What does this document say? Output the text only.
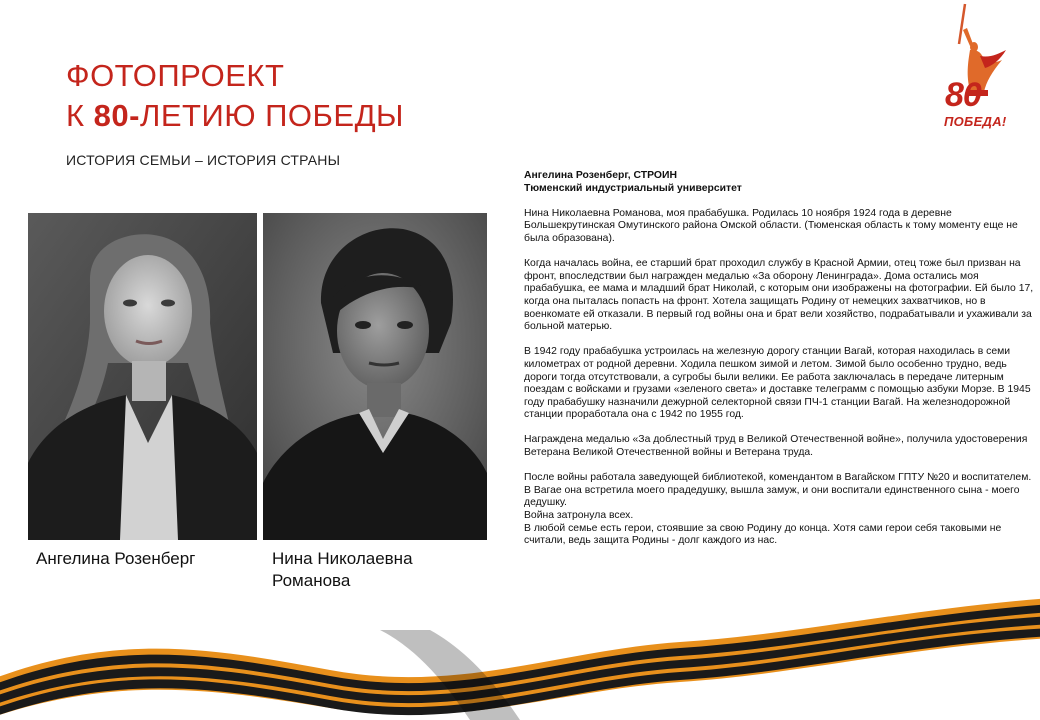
ФОТОПРОЕКТ
К 80-ЛЕТИЮ ПОБЕДЫ
ИСТОРИЯ СЕМЬИ – ИСТОРИЯ СТРАНЫ
80
ПОБЕДА!
Ангелина Розенберг	Нина Николаевна
Романова
Ангелина Розенберг, СТРОИН

Тюменский индустриальный университет

Нина Николаевна Романова, моя прабабушка. Родилась 10 ноября 1924 года в деревне Большекрутинская Омутинского района Омской области. (Тюменская область к тому моменту еще не была образована).

Когда началась война, ее старший брат проходил службу в Красной Армии, отец тоже был призван на фронт, впоследствии был награжден медалью «За оборону Ленинграда». Дома остались моя прабабушка, ее мама и младший брат Николай, с которым они изображены на фотографии. Ей было 17, когда она пыталась попасть на фронт. Хотела защищать Родину от немецких захватчиков, но в военкомате ей отказали. В первый год войны она и брат вели хозяйство, подрабатывали и ухаживали за больной матерью.

В 1942 году прабабушка устроилась на железную дорогу станции Вагай, которая находилась в семи километрах от родной деревни. Ходила пешком зимой и летом. Зимой было особенно трудно, ведь дороги тогда отсутствовали, а сугробы были велики. Ее работа заключалась в передаче литерным поездам с войсками и грузами «зеленого света» и доставке телеграмм с помощью азбуки Морзе. В 1945 году прабабушку назначили дежурной селекторной связи ПЧ-1 станции Вагай. На железнодорожной станции проработала она с 1942 по 1955 год.

Награждена медалью «За доблестный труд в Великой Отечественной войне», получила удостоверения Ветерана Великой Отечественной войны и Ветерана труда.

После войны работала заведующей библиотекой, комендантом в Вагайском ГПТУ №20 и воспитателем. В Вагае она встретила моего прадедушку, вышла замуж, и они воспитали единственного сына - моего дедушку.
Война затронула всех.
В любой семье есть герои, стоявшие за свою Родину до конца. Хотя сами герои себя таковыми не считали, ведь защита Родины - долг каждого из нас.
